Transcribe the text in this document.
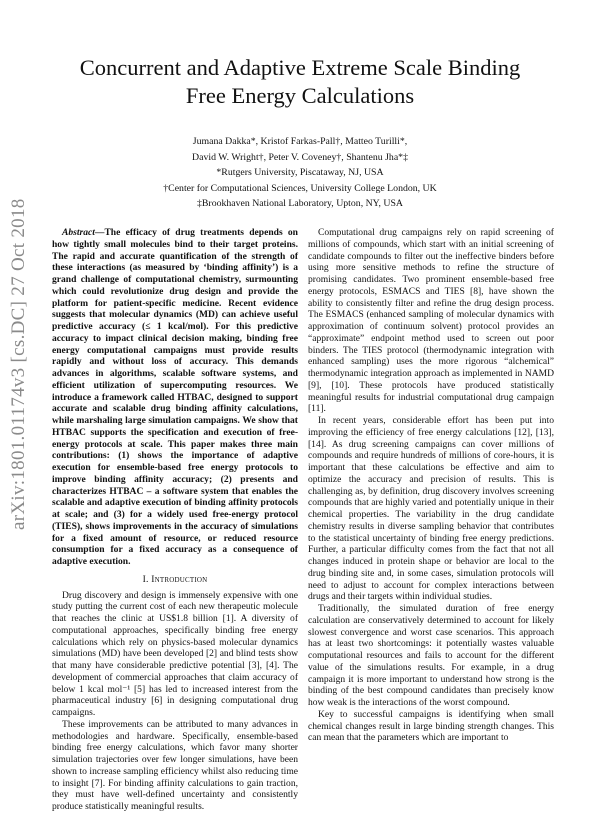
arXiv:1801.01174v3 [cs.DC] 27 Oct 2018
Concurrent and Adaptive Extreme Scale Binding
Free Energy Calculations
Jumana Dakka*, Kristof Farkas-Pall†, Matteo Turilli*,
David W. Wright†, Peter V. Coveney†, Shantenu Jha*‡
*Rutgers University, Piscataway, NJ, USA
†Center for Computational Sciences, University College London, UK
‡Brookhaven National Laboratory, Upton, NY, USA

Abstract—The efficacy of drug treatments depends on how tightly small molecules bind to their target proteins. The rapid and accurate quantification of the strength of these interactions (as measured by ‘binding affinity’) is a grand challenge of computational chemistry, surmounting which could revolutionize drug design and provide the platform for patient-specific medicine. Recent evidence suggests that molecular dynamics (MD) can achieve useful predictive accuracy (≤ 1 kcal/mol). For this predictive accuracy to impact clinical decision making, binding free energy computational campaigns must provide results rapidly and without loss of accuracy. This demands advances in algorithms, scalable software systems, and efficient utilization of supercomputing resources. We introduce a framework called HTBAC, designed to support accurate and scalable drug binding affinity calculations, while marshaling large simulation campaigns. We show that HTBAC supports the specification and execution of free-energy protocols at scale. This paper makes three main contributions: (1) shows the importance of adaptive execution for ensemble-based free energy protocols to improve binding affinity accuracy; (2) presents and characterizes HTBAC – a software system that enables the scalable and adaptive execution of binding affinity protocols at scale; and (3) for a widely used free-energy protocol (TIES), shows improvements in the accuracy of simulations for a fixed amount of resource, or reduced resource consumption for a fixed accuracy as a consequence of adaptive execution.

I. Introduction

Drug discovery and design is immensely expensive with one study putting the current cost of each new therapeutic molecule that reaches the clinic at US$1.8 billion [1]. A diversity of computational approaches, specifically binding free energy calculations which rely on physics-based molecular dynamics simulations (MD) have been developed [2] and blind tests show that many have considerable predictive potential [3], [4]. The development of commercial approaches that claim accuracy of below 1 kcal mol⁻¹ [5] has led to increased interest from the pharmaceutical industry [6] in designing computational drug campaigns.

These improvements can be attributed to many advances in methodologies and hardware. Specifically, ensemble-based binding free energy calculations, which favor many shorter simulation trajectories over few longer simulations, have been shown to increase sampling efficiency whilst also reducing time to insight [7]. For binding affinity calculations to gain traction, they must have well-defined uncertainty and consistently produce statistically meaningful results.

Computational drug campaigns rely on rapid screening of millions of compounds, which start with an initial screening of candidate compounds to filter out the ineffective binders before using more sensitive methods to refine the structure of promising candidates. Two prominent ensemble-based free energy protocols, ESMACS and TIES [8], have shown the ability to consistently filter and refine the drug design process. The ESMACS (enhanced sampling of molecular dynamics with approximation of continuum solvent) protocol provides an “approximate” endpoint method used to screen out poor binders. The TIES protocol (thermodynamic integration with enhanced sampling) uses the more rigorous “alchemical” thermodynamic integration approach as implemented in NAMD [9], [10]. These protocols have produced statistically meaningful results for industrial computational drug campaign [11].

In recent years, considerable effort has been put into improving the efficiency of free energy calculations [12], [13], [14]. As drug screening campaigns can cover millions of compounds and require hundreds of millions of core-hours, it is important that these calculations be effective and aim to optimize the accuracy and precision of results. This is challenging as, by definition, drug discovery involves screening compounds that are highly varied and potentially unique in their chemical properties. The variability in the drug candidate chemistry results in diverse sampling behavior that contributes to the statistical uncertainty of binding free energy predictions. Further, a particular difficulty comes from the fact that not all changes induced in protein shape or behavior are local to the drug binding site and, in some cases, simulation protocols will need to adjust to account for complex interactions between drugs and their targets within individual studies.

Traditionally, the simulated duration of free energy calculation are conservatively determined to account for likely slowest convergence and worst case scenarios. This approach has at least two shortcomings: it potentially wastes valuable computational resources and fails to account for the different value of the simulations results. For example, in a drug campaign it is more important to understand how strong is the binding of the best compound candidates than precisely know how weak is the interactions of the worst compound.

Key to successful campaigns is identifying when small chemical changes result in large binding strength changes. This can mean that the parameters which are important to
